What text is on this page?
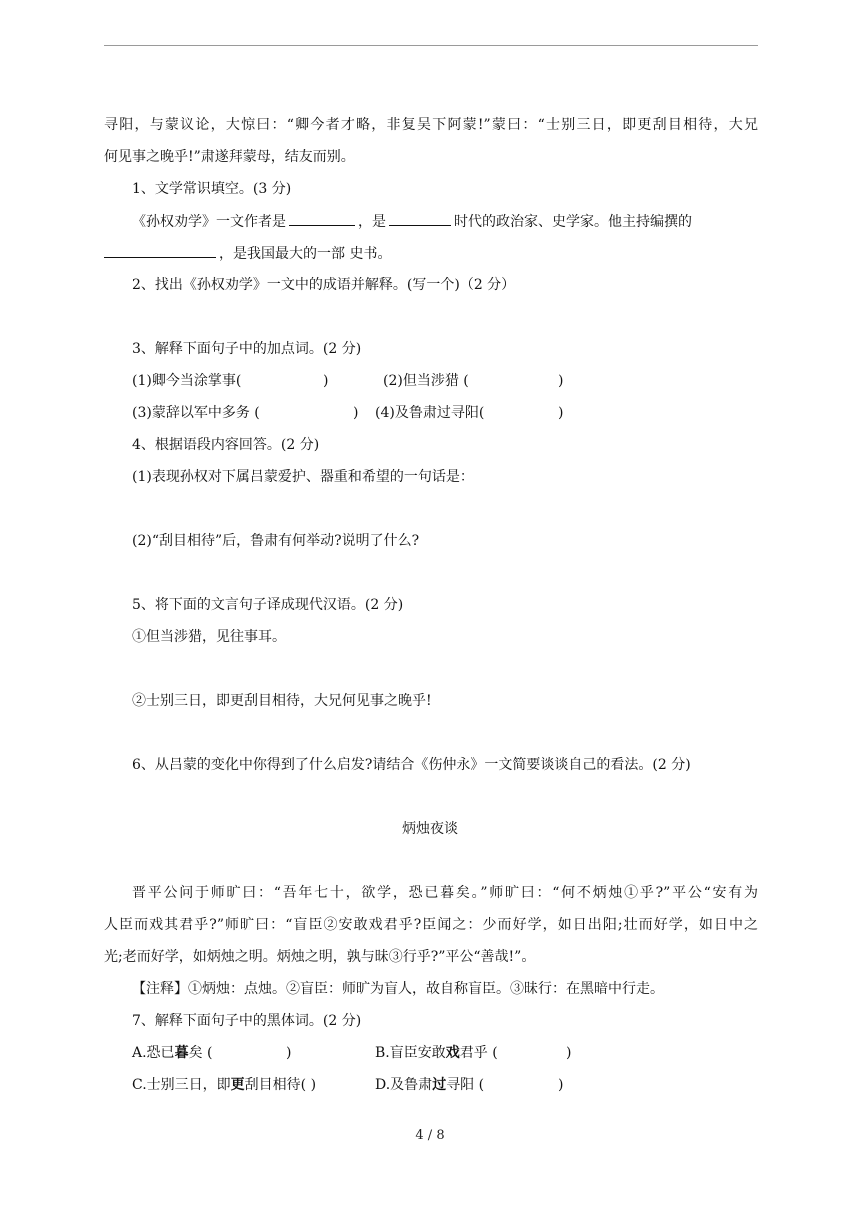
寻阳，与蒙议论，大惊曰：“卿今者才略，非复吴下阿蒙!”蒙曰：“士别三日，即更刮目相待，大兄
何见事之晚乎!”肃遂拜蒙母，结友而别。
1、文学常识填空。(3 分)
《孙权劝学》一文作者是	，是	时代的政治家、史学家。他主持编撰的
，是我国最大的一部 史书。
2、找出《孙权劝学》一文中的成语并解释。(写一个)（2 分）
3、解释下面句子中的加点词。(2 分)
(1)卿今当涂掌事(	)	(2)但当涉猎 (	)
(3)蒙辞以军中多务 (	) (4)及鲁肃过寻阳(	)
4、根据语段内容回答。(2 分)
(1)表现孙权对下属吕蒙爱护、器重和希望的一句话是：
(2)“刮目相待”后，鲁肃有何举动?说明了什么?
5、将下面的文言句子译成现代汉语。(2 分)
①但当涉猎，见往事耳。
②士别三日，即更刮目相待，大兄何见事之晚乎!
6、从吕蒙的变化中你得到了什么启发?请结合《伤仲永》一文简要谈谈自己的看法。(2 分)
炳烛夜谈
晋平公问于师旷曰：“吾年七十，欲学，恐已暮矣。”师旷曰：“何不炳烛①乎?”平公“安有为
人臣而戏其君乎?”师旷曰：“盲臣②安敢戏君乎?臣闻之：少而好学，如日出阳;壮而好学，如日中之
光;老而好学，如炳烛之明。炳烛之明，孰与昧③行乎?”平公“善哉!”。
【注释】①炳烛：点烛。②盲臣：师旷为盲人，故自称盲臣。③昧行：在黑暗中行走。
7、解释下面句子中的黑体词。(2 分)
A.恐已暮矣 (	)	B.盲臣安敢戏君乎 (	)
C.士别三日，即更刮目相待( )	D.及鲁肃过寻阳 (	)
4 / 8
